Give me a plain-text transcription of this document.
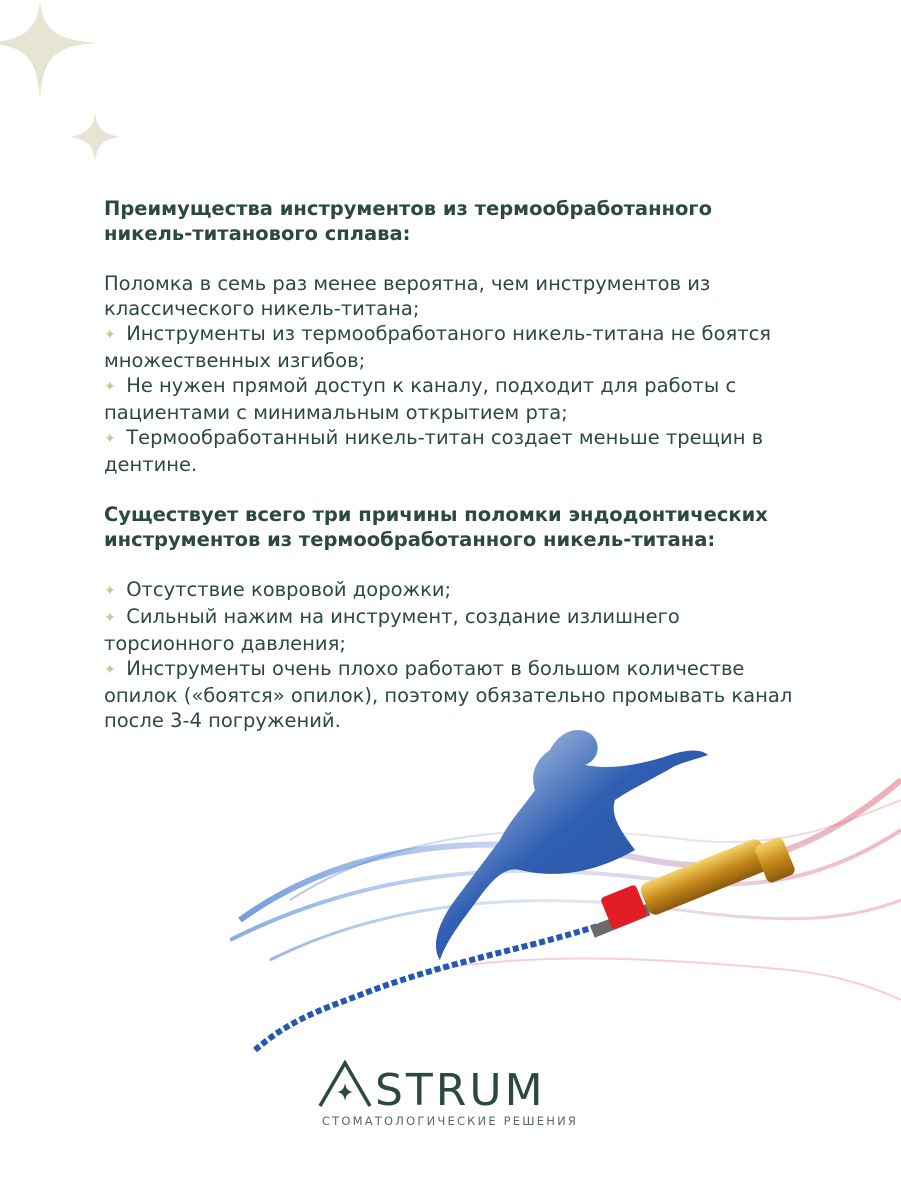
Преимущества инструментов из термообработанного никель-титанового сплава:

Поломка в семь раз менее вероятна, чем инструментов из классического никель-титана;

✦ Инструменты из термообработаного никель-титана не боятся множественных изгибов;

✦ Не нужен прямой доступ к каналу, подходит для работы с пациентами с минимальным открытием рта;

✦ Термообработанный никель-титан создает меньше трещин в дентине.

Существует всего три причины поломки эндодонтических инструментов из термообработанного никель-титана:

✦ Отсутствие ковровой дорожки;

✦ Сильный нажим на инструмент, создание излишнего торсионного давления;

✦ Инструменты очень плохо работают в большом количестве опилок («боятся» опилок), поэтому обязательно промывать канал после 3-4 погружений.

STRUM
СТОМАТОЛОГИЧЕСКИЕ РЕШЕНИЯ
